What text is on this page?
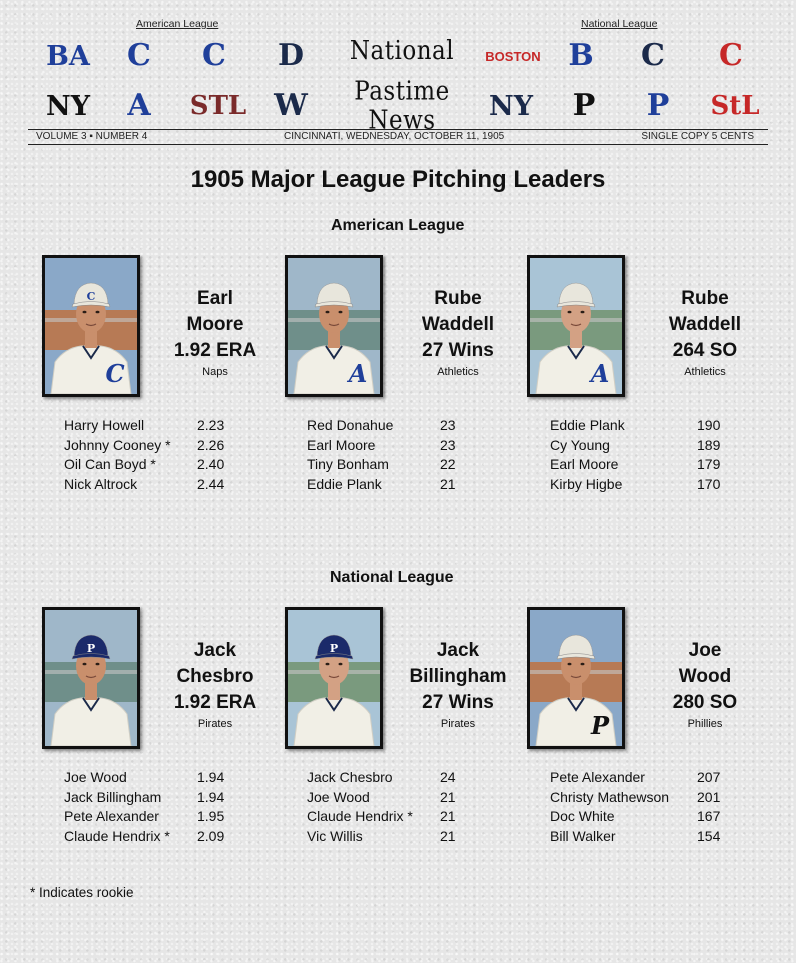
American League	National League
BA	C	C	D
NY	A	STL W
BOSTON B	C	C
NY	P	P	StL
National
Pastime News
VOLUME 3 ▪ NUMBER 4	CINCINNATI, WEDNESDAY, OCTOBER 11, 1905	SINGLE COPY 5 CENTS
1905 Major League Pitching Leaders
American League
National League
C
C
Earl
Moore
1.92 ERA
Naps
Harry Howell	2.23
Johnny Cooney * 2.26
Oil Can Boyd *	2.40
Nick Altrock	2.44
A
Rube
Waddell
27 Wins
Athletics
Red Donahue	23
Earl Moore	23
Tiny Bonham	22
Eddie Plank	21
A
Rube
Waddell
264 SO
Athletics
Eddie Plank	190
Cy Young	189
Earl Moore	179
Kirby Higbe	170
P	Jack
Chesbro
1.92 ERA
Pirates
Joe Wood	1.94
Jack Billingham	1.94
Pete Alexander	1.95
Claude Hendrix * 2.09
P	Jack
Billingham
27 Wins
Pirates
Jack Chesbro	24
Joe Wood	21
Claude Hendrix * 21
Vic Willis	21
P
Joe
Wood
280 SO
Phillies
Pete Alexander	207
Christy Mathewson 201
Doc White	167
Bill Walker	154
* Indicates rookie
